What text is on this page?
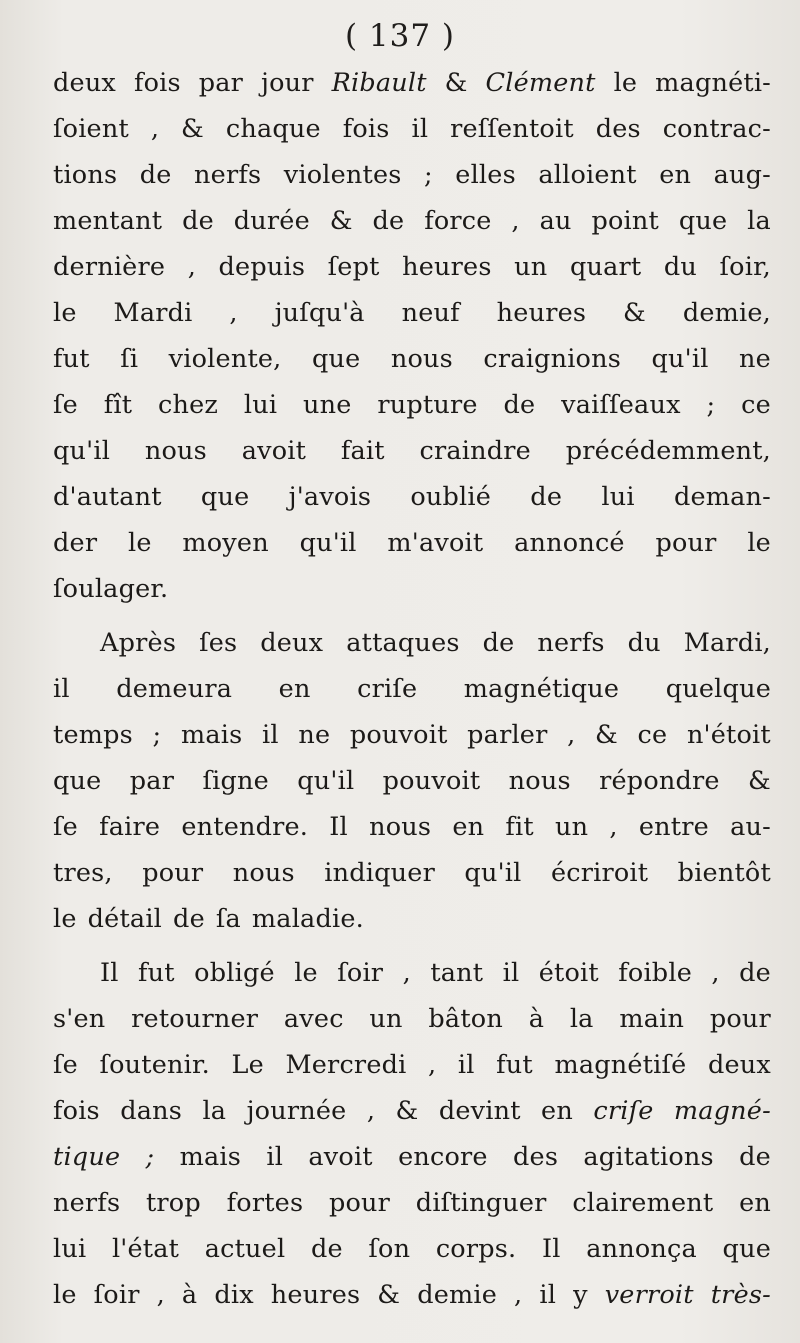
( 137 )
deux fois par jour Ribault & Clément le magnéti-
ſoient , & chaque fois il reſſentoit des contrac-
tions de nerfs violentes ; elles alloient en aug-
mentant de durée & de force , au point que la
dernière , depuis ſept heures un quart du ſoir,
le Mardi , juſqu'à neuf heures & demie,
fut ſi violente, que nous craignions qu'il ne
ſe fît chez lui une rupture de vaiſſeaux ; ce
qu'il nous avoit fait craindre précédemment,
d'autant que j'avois oublié de lui deman-
der le moyen qu'il m'avoit annoncé pour le
ſoulager.
Après ſes deux attaques de nerfs du Mardi,
il demeura en criſe magnétique quelque
temps ; mais il ne pouvoit parler , & ce n'étoit
que par ſigne qu'il pouvoit nous répondre &
ſe faire entendre. Il nous en fit un , entre au-
tres, pour nous indiquer qu'il écriroit bientôt
le détail de ſa maladie.
Il fut obligé le ſoir , tant il étoit foible , de
s'en retourner avec un bâton à la main pour
ſe ſoutenir. Le Mercredi , il fut magnétiſé deux
fois dans la journée , & devint en criſe magné-
tique ; mais il avoit encore des agitations de
nerfs trop fortes pour diſtinguer clairement en
lui l'état actuel de ſon corps. Il annonça que
le ſoir , à dix heures & demie , il y verroit très-
